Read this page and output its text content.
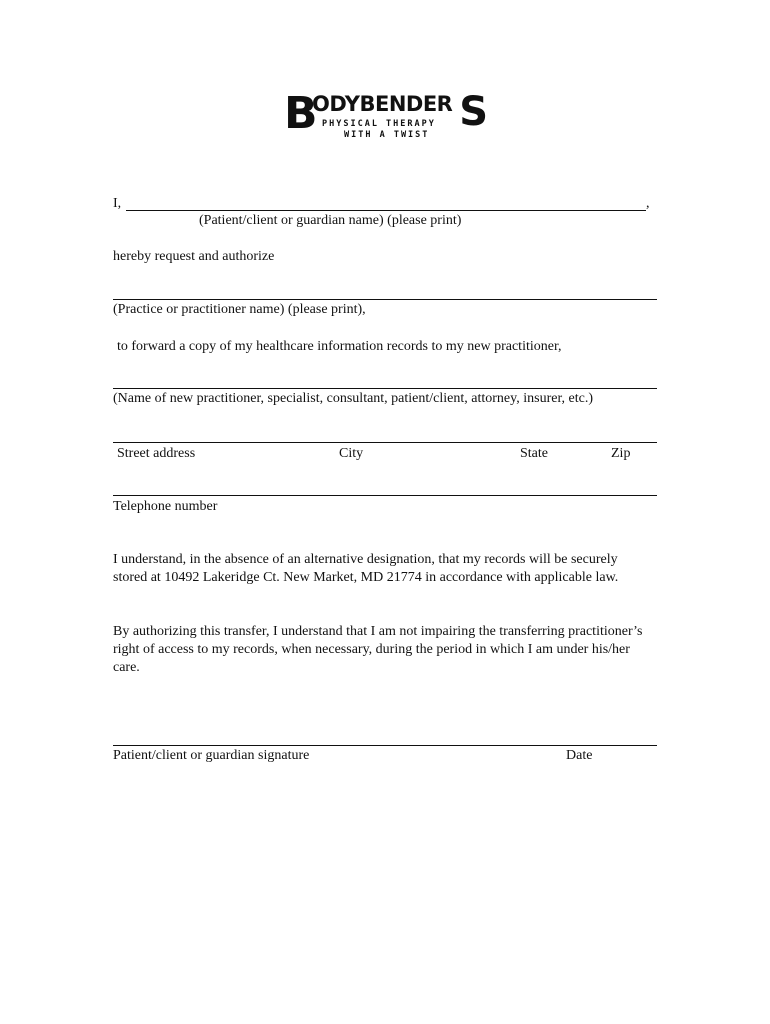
B
ODYBENDER S
PHYSICAL THERAPY
WITH A TWIST
I,	,
(Patient/client or guardian name) (please print)
hereby request and authorize
(Practice or practitioner name) (please print),
to forward a copy of my healthcare information records to my new practitioner,
(Name of new practitioner, specialist, consultant, patient/client, attorney, insurer, etc.)
Street address	City	State	Zip
Telephone number
I understand, in the absence of an alternative designation, that my records will be securely stored at 10492 Lakeridge Ct. New Market, MD 21774 in accordance with applicable law.
By authorizing this transfer, I understand that I am not impairing the transferring practitioner’s right of access to my records, when necessary, during the period in which I am under his/her care.
Patient/client or guardian signature	Date
